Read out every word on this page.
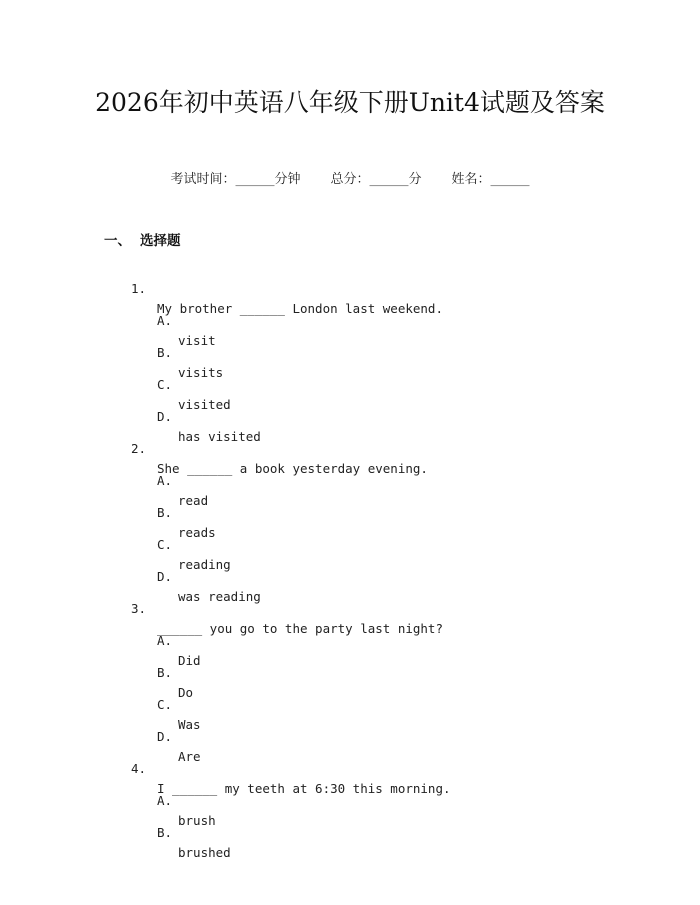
2026年初中英语八年级下册Unit4试题及答案
考试时间：______分钟 总分：______分 姓名：______
一、 选择题

1.

My brother ______ London last weekend.

A.

visit

B.

visits

C.

visited

D.

has visited

2.

She ______ a book yesterday evening.

A.

read

B.

reads

C.

reading

D.

was reading

3.

______ you go to the party last night?

A.

Did

B.

Do

C.

Was

D.

Are

4.

I ______ my teeth at 6:30 this morning.

A.

brush

B.

brushed
